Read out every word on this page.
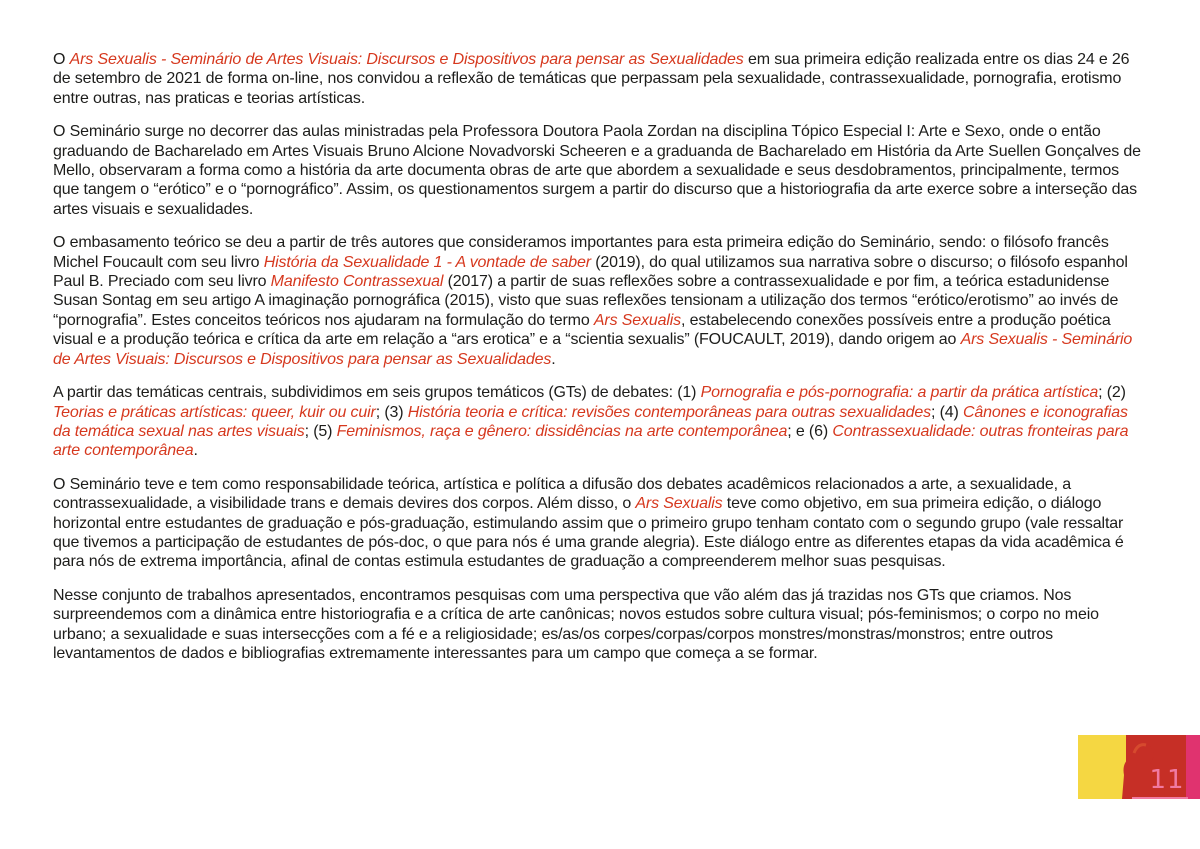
O Ars Sexualis - Seminário de Artes Visuais: Discursos e Dispositivos para pensar as Sexualidades em sua primeira edição realizada entre os dias 24 e 26 de setembro de 2021 de forma on-line, nos convidou a reflexão de temáticas que perpassam pela sexualidade, contrassexualidade, pornografia, erotismo entre outras, nas praticas e teorias artísticas.

O Seminário surge no decorrer das aulas ministradas pela Professora Doutora Paola Zordan na disciplina Tópico Especial I: Arte e Sexo, onde o então graduando de Bacharelado em Artes Visuais Bruno Alcione Novadvorski Scheeren e a graduanda de Bacharelado em História da Arte Suellen Gonçalves de Mello, observaram a forma como a história da arte documenta obras de arte que abordem a sexualidade e seus desdobramentos, principalmente, termos que tangem o “erótico” e o “pornográfico”. Assim, os questionamentos surgem a partir do discurso que a historiografia da arte exerce sobre a interseção das artes visuais e sexualidades.

O embasamento teórico se deu a partir de três autores que consideramos importantes para esta primeira edição do Seminário, sendo: o filósofo francês Michel Foucault com seu livro História da Sexualidade 1 - A vontade de saber (2019), do qual utilizamos sua narrativa sobre o discurso; o filósofo espanhol Paul B. Preciado com seu livro Manifesto Contrassexual (2017) a partir de suas reflexões sobre a contrassexualidade e por fim, a teórica estadunidense Susan Sontag em seu artigo A imaginação pornográfica (2015), visto que suas reflexões tensionam a utilização dos termos “erótico/erotismo” ao invés de “pornografia”. Estes conceitos teóricos nos ajudaram na formulação do termo Ars Sexualis, estabelecendo conexões possíveis entre a produção poética visual e a produção teórica e crítica da arte em relação a “ars erotica” e a “scientia sexualis” (FOUCAULT, 2019), dando origem ao Ars Sexualis - Seminário de Artes Visuais: Discursos e Dispositivos para pensar as Sexualidades.

A partir das temáticas centrais, subdividimos em seis grupos temáticos (GTs) de debates: (1) Pornografia e pós-pornografia: a partir da prática artística; (2) Teorias e práticas artísticas: queer, kuir ou cuir; (3) História teoria e crítica: revisões contemporâneas para outras sexualidades; (4) Cânones e iconografias da temática sexual nas artes visuais; (5) Feminismos, raça e gênero: dissidências na arte contemporânea; e (6) Contrassexualidade: outras fronteiras para arte contemporânea.

O Seminário teve e tem como responsabilidade teórica, artística e política a difusão dos debates acadêmicos relacionados a arte, a sexualidade, a contrassexualidade, a visibilidade trans e demais devires dos corpos. Além disso, o Ars Sexualis teve como objetivo, em sua primeira edição, o diálogo horizontal entre estudantes de graduação e pós-graduação, estimulando assim que o primeiro grupo tenham contato com o segundo grupo (vale ressaltar que tivemos a participação de estudantes de pós-doc, o que para nós é uma grande alegria). Este diálogo entre as diferentes etapas da vida acadêmica é para nós de extrema importância, afinal de contas estimula estudantes de graduação a compreenderem melhor suas pesquisas.

Nesse conjunto de trabalhos apresentados, encontramos pesquisas com uma perspectiva que vão além das já trazidas nos GTs que criamos. Nos surpreendemos com a dinâmica entre historiografia e a crítica de arte canônicas; novos estudos sobre cultura visual; pós-feminismos; o corpo no meio urbano; a sexualidade e suas intersecções com a fé e a religiosidade; es/as/os corpes/corpas/corpos monstres/monstras/monstros; entre outros levantamentos de dados e bibliografias extremamente interessantes para um campo que começa a se formar.

11
